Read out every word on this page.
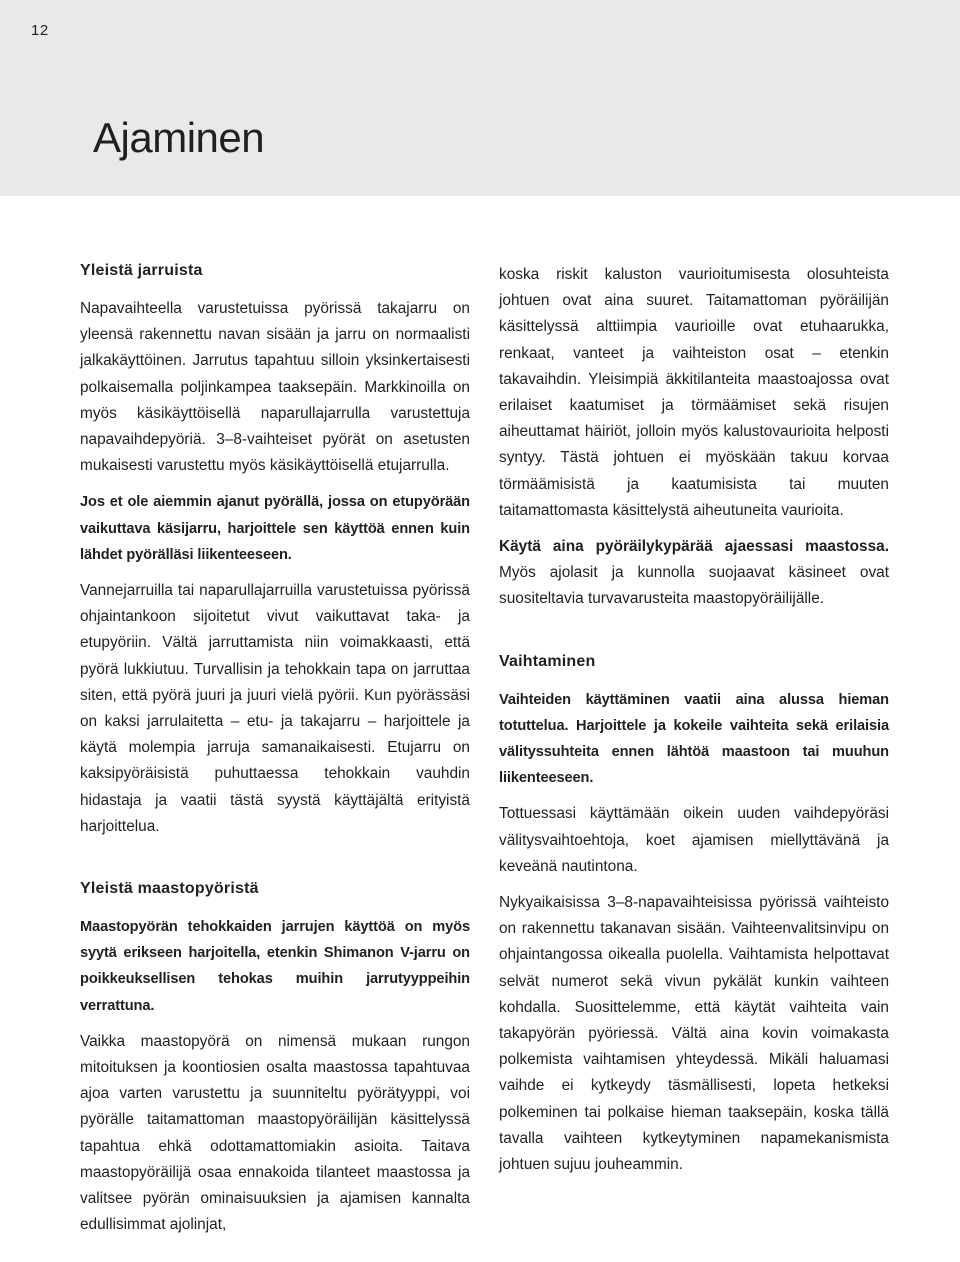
12
Ajaminen
Yleistä jarruista

Napavaihteella varustetuissa pyörissä takajarru on yleensä rakennettu navan sisään ja jarru on normaalisti jalkakäyttöinen. Jarrutus tapahtuu silloin yksinkertaisesti polkaisemalla poljinkampea taaksepäin. Markkinoilla on myös käsikäyttöisellä naparullajarrulla varustettuja napavaihdepyöriä. 3–8-vaihteiset pyörät on asetusten mukaisesti varustettu myös käsikäyttöisellä etujarrulla.

Jos et ole aiemmin ajanut pyörällä, jossa on etupyörään vaikuttava käsijarru, harjoittele sen käyttöä ennen kuin lähdet pyörälläsi liikenteeseen.

Vannejarruilla tai naparullajarruilla varustetuissa pyörissä ohjaintankoon sijoitetut vivut vaikuttavat taka- ja etupyöriin. Vältä jarruttamista niin voimakkaasti, että pyörä lukkiutuu. Turvallisin ja tehokkain tapa on jarruttaa siten, että pyörä juuri ja juuri vielä pyörii. Kun pyörässäsi on kaksi jarrulaitetta – etu- ja takajarru – harjoittele ja käytä molempia jarruja samanaikaisesti. Etujarru on kaksipyöräisistä puhuttaessa tehokkain vauhdin hidastaja ja vaatii tästä syystä käyttäjältä erityistä harjoittelua.

Yleistä maastopyöristä

Maastopyörän tehokkaiden jarrujen käyttöä on myös syytä erikseen harjoitella, etenkin Shimanon V-jarru on poikkeuksellisen tehokas muihin jarrutyyppeihin verrattuna.

Vaikka maastopyörä on nimensä mukaan rungon mitoituksen ja koontiosien osalta maastossa tapahtuvaa ajoa varten varustettu ja suunniteltu pyörätyyppi, voi pyörälle taitamattoman maastopyöräilijän käsittelyssä tapahtua ehkä odottamattomiakin asioita. Taitava maastopyöräilijä osaa ennakoida tilanteet maastossa ja valitsee pyörän ominaisuuksien ja ajamisen kannalta edullisimmat ajolinjat,

koska riskit kaluston vaurioitumisesta olosuhteista johtuen ovat aina suuret. Taitamattoman pyöräilijän käsittelyssä alttiimpia vaurioille ovat etuhaarukka, renkaat, vanteet ja vaihteiston osat – etenkin takavaihdin. Yleisimpiä äkkitilanteita maastoajossa ovat erilaiset kaatumiset ja törmäämiset sekä risujen aiheuttamat häiriöt, jolloin myös kalustovaurioita helposti syntyy. Tästä johtuen ei myöskään takuu korvaa törmäämisistä ja kaatumisista tai muuten taitamattomasta käsittelystä aiheutuneita vaurioita.

Käytä aina pyöräilykypärää ajaessasi maastossa. Myös ajolasit ja kunnolla suojaavat käsineet ovat suositeltavia turvavarusteita maastopyöräilijälle.

Vaihtaminen

Vaihteiden käyttäminen vaatii aina alussa hieman totuttelua. Harjoittele ja kokeile vaihteita sekä erilaisia välityssuhteita ennen lähtöä maastoon tai muuhun liikenteeseen.

Tottuessasi käyttämään oikein uuden vaihdepyöräsi välitysvaihtoehtoja, koet ajamisen miellyttävänä ja keveänä nautintona.

Nykyaikaisissa 3–8-napavaihteisissa pyörissä vaihteisto on rakennettu takanavan sisään. Vaihteenvalitsinvipu on ohjaintangossa oikealla puolella. Vaihtamista helpottavat selvät numerot sekä vivun pykälät kunkin vaihteen kohdalla. Suosittelemme, että käytät vaihteita vain takapyörän pyöriessä. Vältä aina kovin voimakasta polkemista vaihtamisen yhteydessä. Mikäli haluamasi vaihde ei kytkeydy täsmällisesti, lopeta hetkeksi polkeminen tai polkaise hieman taaksepäin, koska tällä tavalla vaihteen kytkeytyminen napamekanismista johtuen sujuu jouheammin.
